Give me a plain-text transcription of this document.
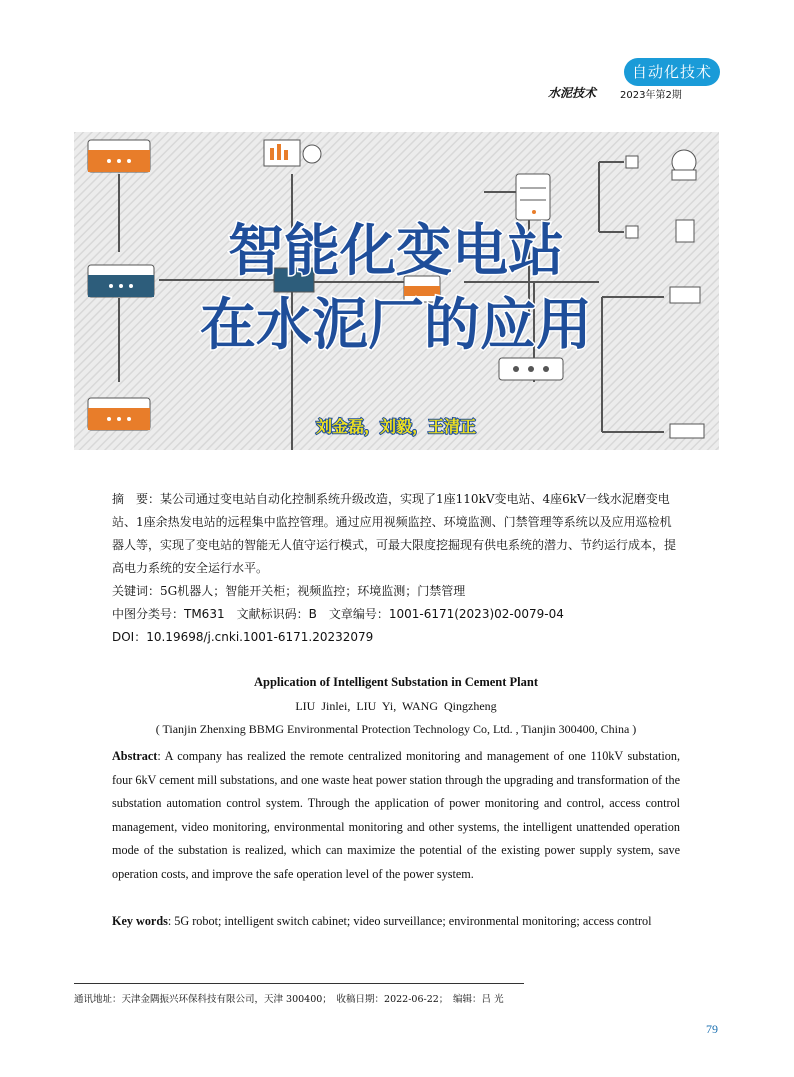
自动化技术
水泥技术 2023年第2期
智能化变电站
在水泥厂的应用
刘金磊，刘毅，王清正

摘　要：某公司通过变电站自动化控制系统升级改造，实现了1座110kV变电站、4座6kV一线水泥磨变电站、1座余热发电站的远程集中监控管理。通过应用视频监控、环境监测、门禁管理等系统以及应用巡检机器人等，实现了变电站的智能无人值守运行模式，可最大限度挖掘现有供电系统的潜力、节约运行成本，提高电力系统的安全运行水平。

关键词：5G机器人；智能开关柜；视频监控；环境监测；门禁管理

中图分类号：TM631　文献标识码：B　文章编号：1001-6171(2023)02-0079-04

DOI：10.19698/j.cnki.1001-6171.20232079

Application of Intelligent Substation in Cement Plant
LIU Jinlei, LIU Yi, WANG Qingzheng
( Tianjin Zhenxing BBMG Environmental Protection Technology Co, Ltd. , Tianjin 300400, China )
Abstract: A company has realized the remote centralized monitoring and management of one 110kV substation, four 6kV cement mill substations, and one waste heat power station through the upgrading and transformation of the substation automation control system. Through the application of power monitoring and control, access control management, video monitoring, environmental monitoring and other systems, the intelligent unattended operation mode of the substation is realized, which can maximize the potential of the existing power supply system, save operation costs, and improve the safe operation level of the power system.
Key words: 5G robot; intelligent switch cabinet; video surveillance; environmental monitoring; access control
通讯地址：天津金隅振兴环保科技有限公司，天津 300400；　收稿日期：2022-06-22；　编辑：吕 光
79
